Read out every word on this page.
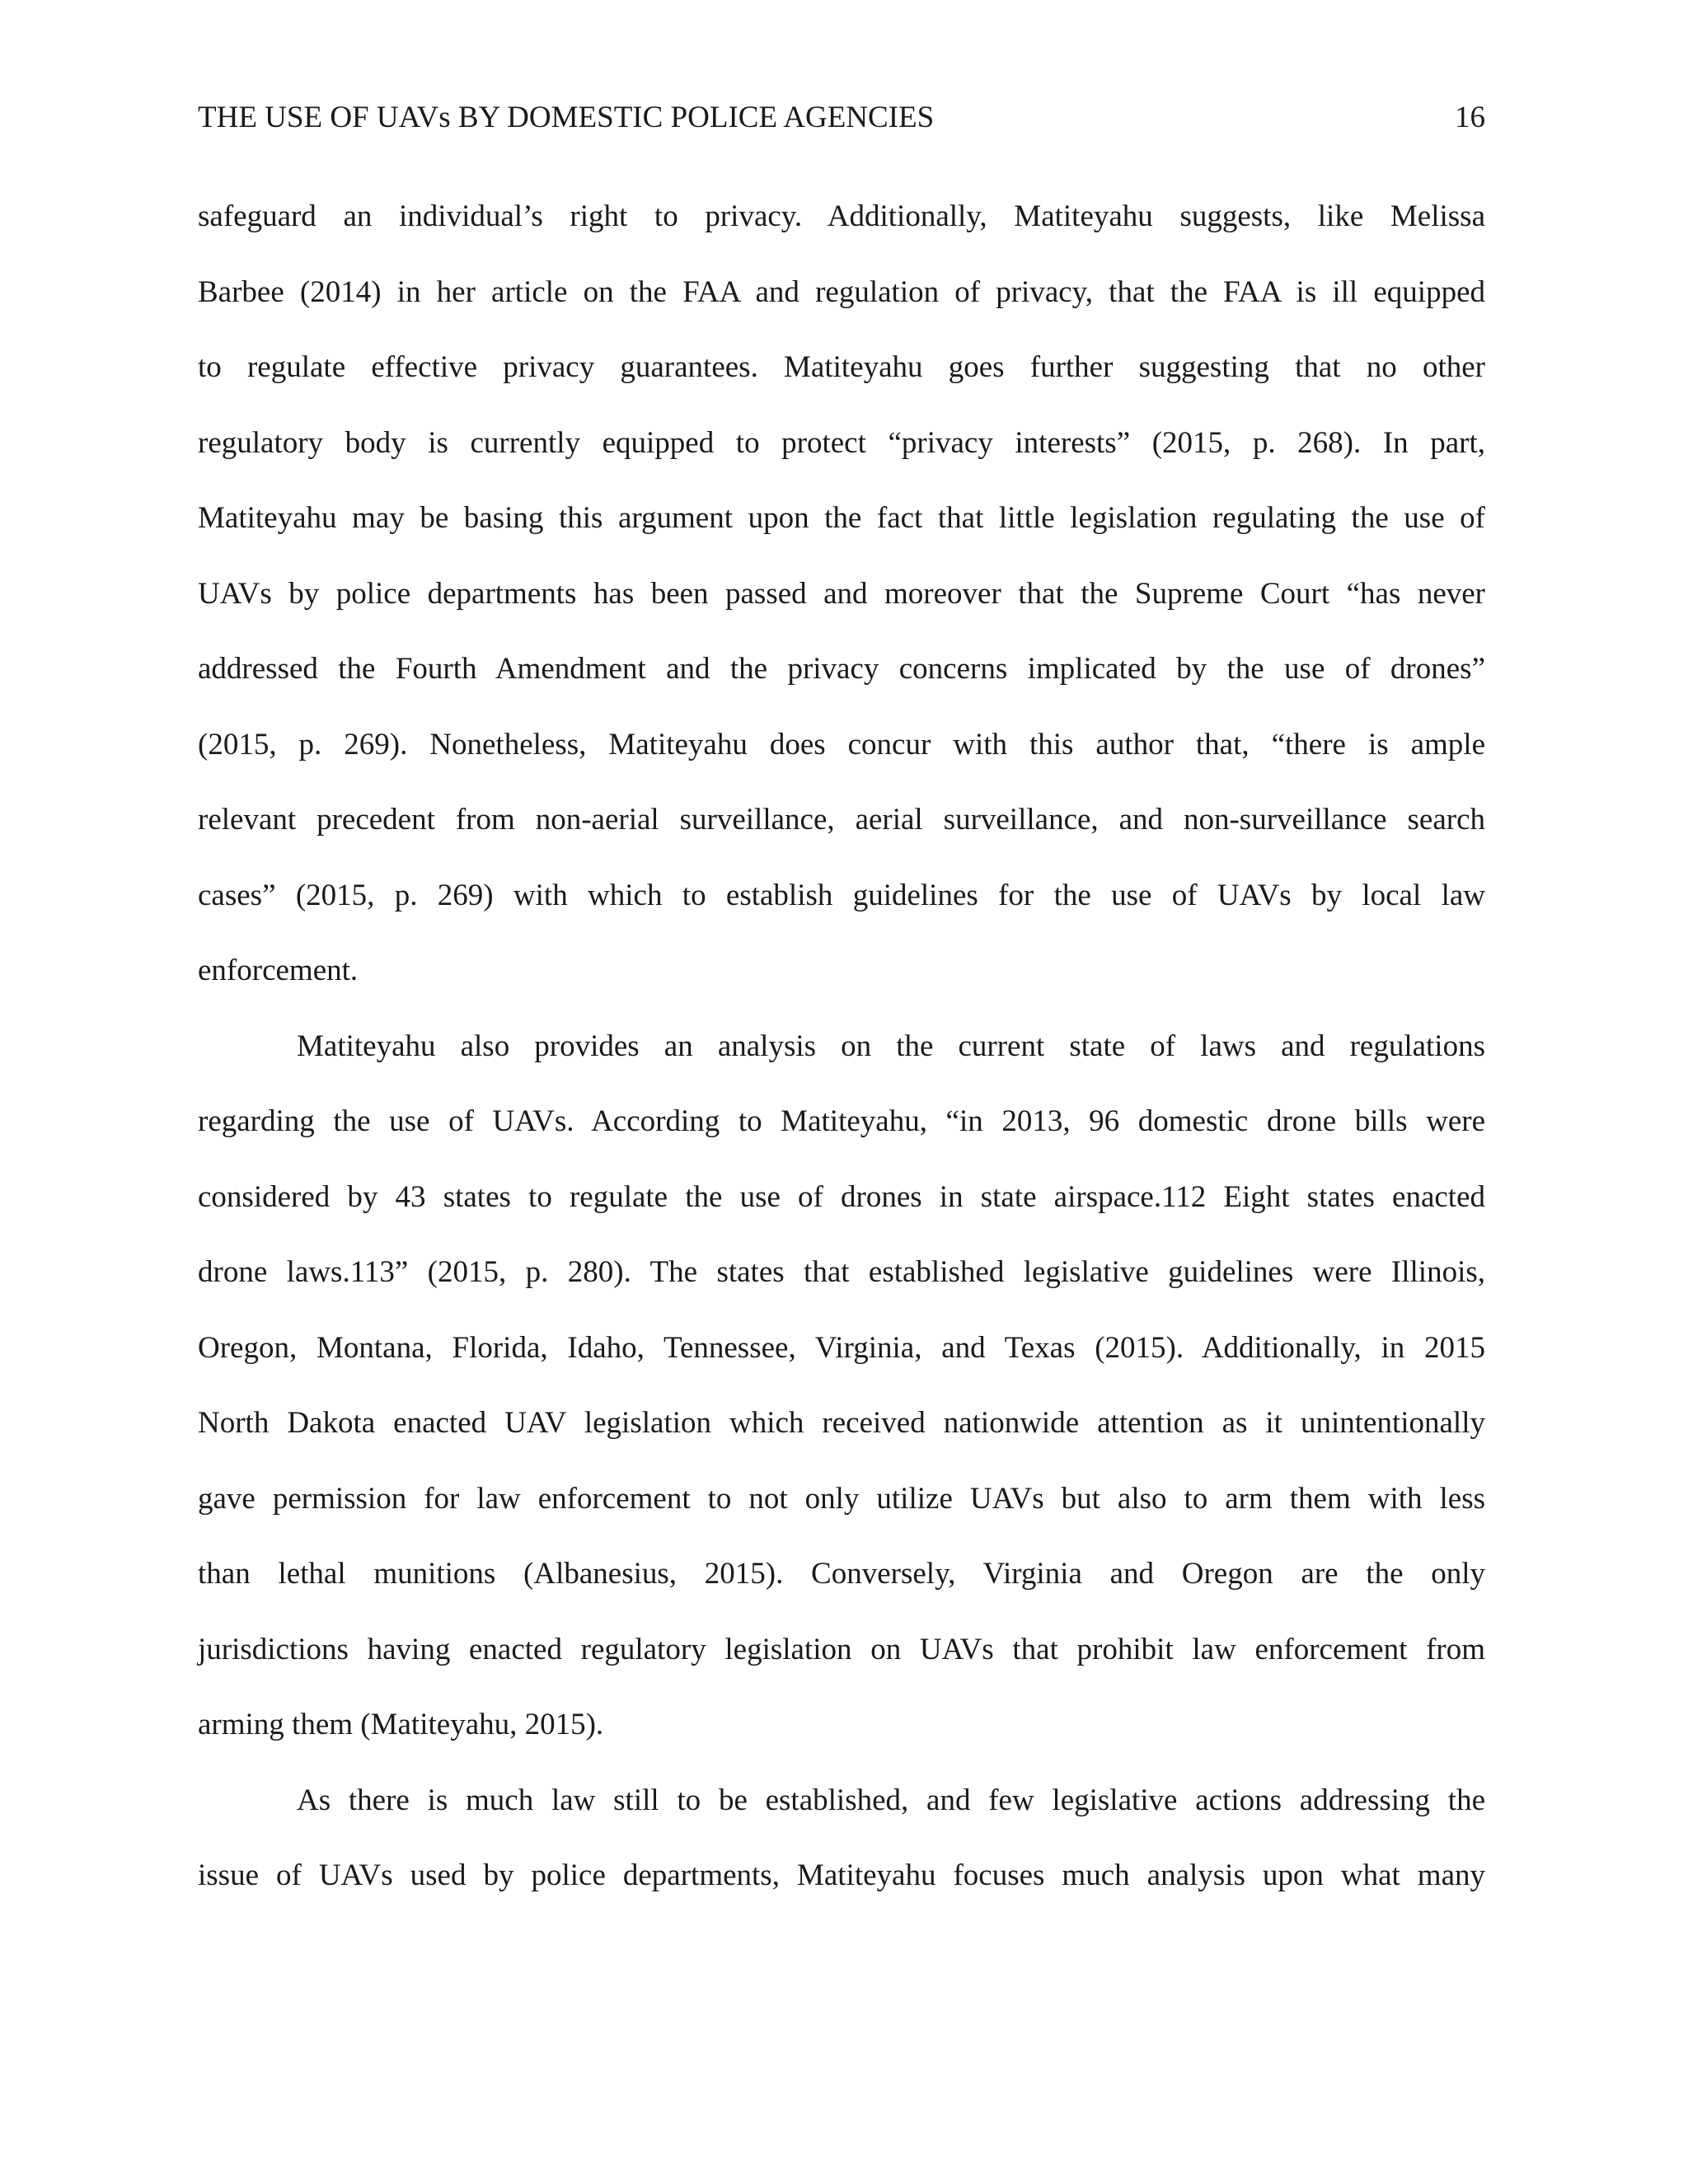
THE USE OF UAVs BY DOMESTIC POLICE AGENCIES	16
safeguard an individual’s right to privacy. Additionally, Matiteyahu suggests, like Melissa
Barbee (2014) in her article on the FAA and regulation of privacy, that the FAA is ill equipped
to regulate effective privacy guarantees. Matiteyahu goes further suggesting that no other
regulatory body is currently equipped to protect “privacy interests” (2015, p. 268). In part,
Matiteyahu may be basing this argument upon the fact that little legislation regulating the use of
UAVs by police departments has been passed and moreover that the Supreme Court “has never
addressed the Fourth Amendment and the privacy concerns implicated by the use of drones”
(2015, p. 269). Nonetheless, Matiteyahu does concur with this author that, “there is ample
relevant precedent from non-aerial surveillance, aerial surveillance, and non-surveillance search
cases” (2015, p. 269) with which to establish guidelines for the use of UAVs by local law
enforcement.
Matiteyahu also provides an analysis on the current state of laws and regulations
regarding the use of UAVs. According to Matiteyahu, “in 2013, 96 domestic drone bills were
considered by 43 states to regulate the use of drones in state airspace.112 Eight states enacted
drone laws.113” (2015, p. 280). The states that established legislative guidelines were Illinois,
Oregon, Montana, Florida, Idaho, Tennessee, Virginia, and Texas (2015). Additionally, in 2015
North Dakota enacted UAV legislation which received nationwide attention as it unintentionally
gave permission for law enforcement to not only utilize UAVs but also to arm them with less
than lethal munitions (Albanesius, 2015). Conversely, Virginia and Oregon are the only
jurisdictions having enacted regulatory legislation on UAVs that prohibit law enforcement from
arming them (Matiteyahu, 2015).
As there is much law still to be established, and few legislative actions addressing the
issue of UAVs used by police departments, Matiteyahu focuses much analysis upon what many
